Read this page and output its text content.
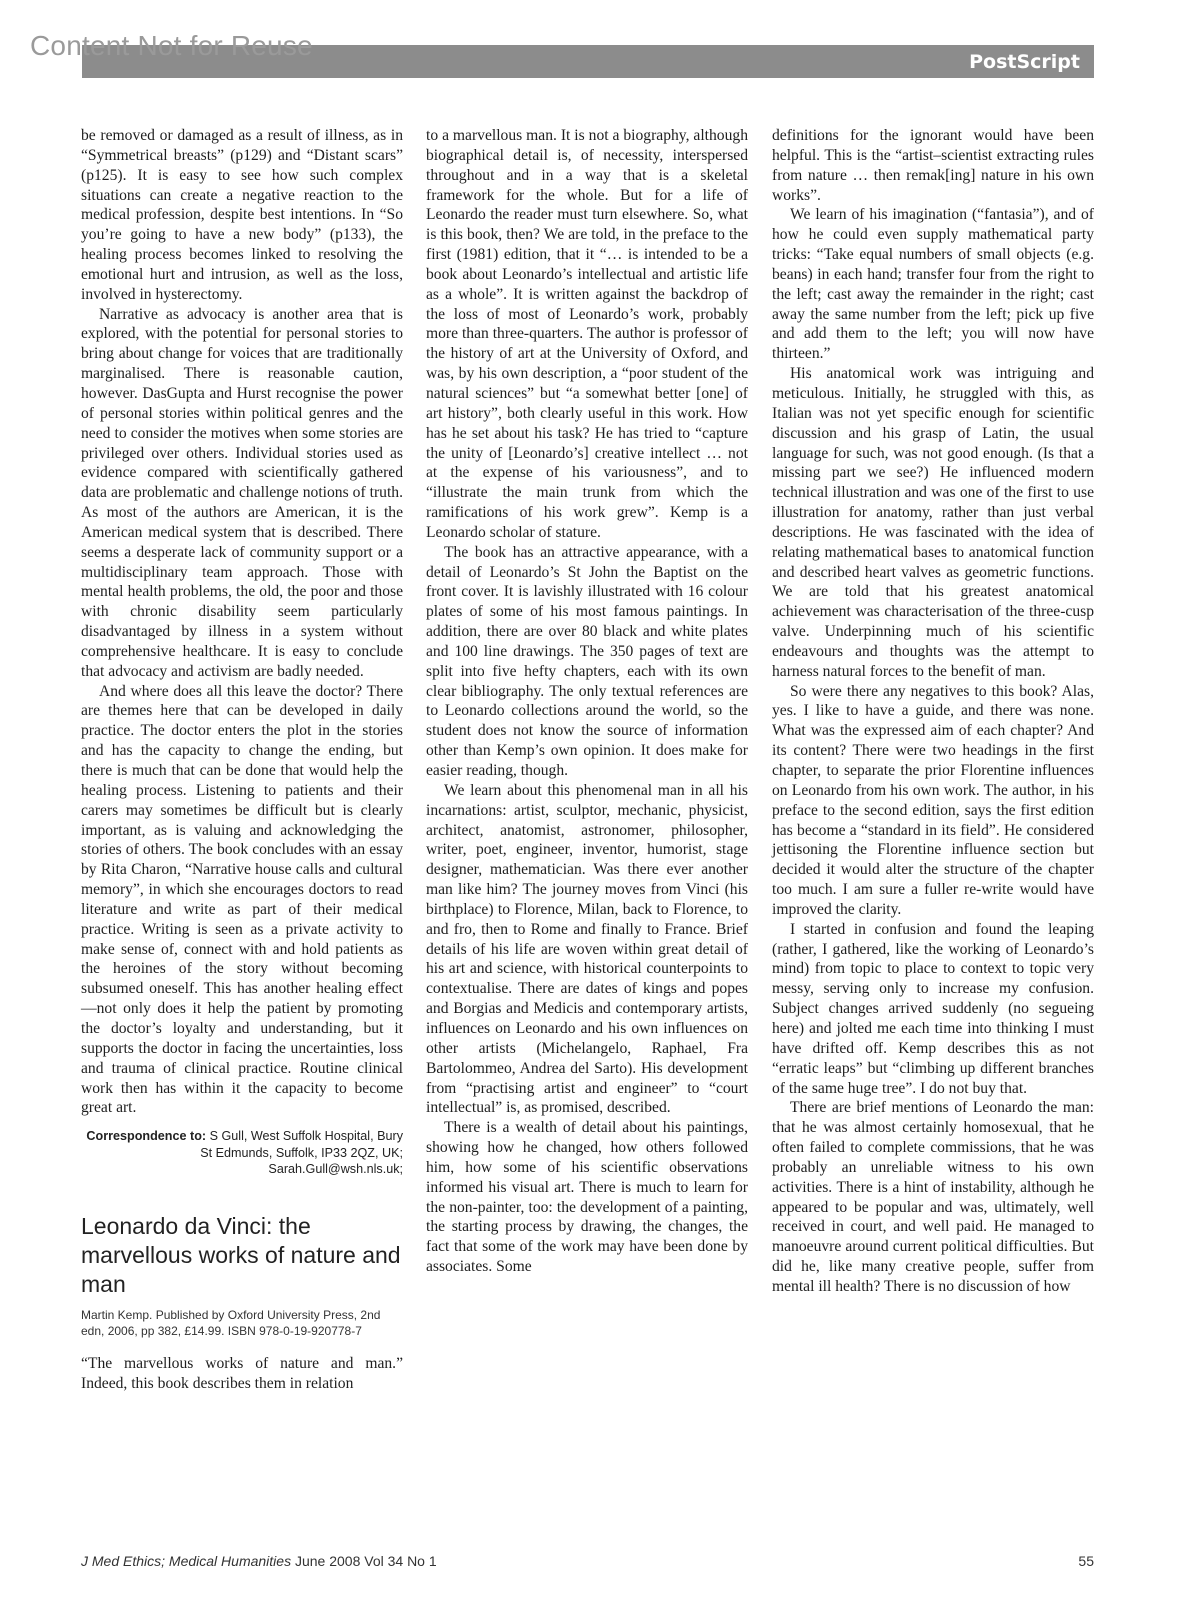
Content Not for Reuse
PostScript

be removed or damaged as a result of illness, as in “Symmetrical breasts” (p129) and “Distant scars” (p125). It is easy to see how such complex situations can create a negative reaction to the medical profession, despite best intentions. In “So you’re going to have a new body” (p133), the healing process becomes linked to resolving the emotional hurt and intrusion, as well as the loss, involved in hysterectomy.

Narrative as advocacy is another area that is explored, with the potential for personal stories to bring about change for voices that are traditionally marginalised. There is reasonable caution, however. DasGupta and Hurst recognise the power of personal stories within political genres and the need to consider the motives when some stories are privileged over others. Individual stories used as evidence compared with scientifically gathered data are problematic and challenge notions of truth. As most of the authors are American, it is the American medical system that is described. There seems a desperate lack of community support or a multidisciplinary team approach. Those with mental health problems, the old, the poor and those with chronic disability seem particularly disadvantaged by illness in a system without comprehensive healthcare. It is easy to conclude that advocacy and activism are badly needed.

And where does all this leave the doctor? There are themes here that can be developed in daily practice. The doctor enters the plot in the stories and has the capacity to change the ending, but there is much that can be done that would help the healing process. Listening to patients and their carers may sometimes be difficult but is clearly important, as is valuing and acknowledging the stories of others. The book concludes with an essay by Rita Charon, “Narrative house calls and cultural memory”, in which she encourages doctors to read literature and write as part of their medical practice. Writing is seen as a private activity to make sense of, connect with and hold patients as the heroines of the story without becoming subsumed oneself. This has another healing effect—not only does it help the patient by promoting the doctor’s loyalty and understanding, but it supports the doctor in facing the uncertainties, loss and trauma of clinical practice. Routine clinical work then has within it the capacity to become great art.

Correspondence to: S Gull, West Suffolk Hospital, Bury St Edmunds, Suffolk, IP33 2QZ, UK; Sarah.Gull@wsh.nls.uk;
Leonardo da Vinci: the marvellous works of nature and man
Martin Kemp. Published by Oxford University Press, 2nd edn, 2006, pp 382, £14.99. ISBN 978-0-19-920778-7

“The marvellous works of nature and man.” Indeed, this book describes them in relation

to a marvellous man. It is not a biography, although biographical detail is, of necessity, interspersed throughout and in a way that is a skeletal framework for the whole. But for a life of Leonardo the reader must turn elsewhere. So, what is this book, then? We are told, in the preface to the first (1981) edition, that it “… is intended to be a book about Leonardo’s intellectual and artistic life as a whole”. It is written against the backdrop of the loss of most of Leonardo’s work, probably more than three-quarters. The author is professor of the history of art at the University of Oxford, and was, by his own description, a “poor student of the natural sciences” but “a somewhat better [one] of art history”, both clearly useful in this work. How has he set about his task? He has tried to “capture the unity of [Leonardo’s] creative intellect … not at the expense of his variousness”, and to “illustrate the main trunk from which the ramifications of his work grew”. Kemp is a Leonardo scholar of stature.

The book has an attractive appearance, with a detail of Leonardo’s St John the Baptist on the front cover. It is lavishly illustrated with 16 colour plates of some of his most famous paintings. In addition, there are over 80 black and white plates and 100 line drawings. The 350 pages of text are split into five hefty chapters, each with its own clear bibliography. The only textual references are to Leonardo collections around the world, so the student does not know the source of information other than Kemp’s own opinion. It does make for easier reading, though.

We learn about this phenomenal man in all his incarnations: artist, sculptor, mechanic, physicist, architect, anatomist, astronomer, philosopher, writer, poet, engineer, inventor, humorist, stage designer, mathematician. Was there ever another man like him? The journey moves from Vinci (his birthplace) to Florence, Milan, back to Florence, to and fro, then to Rome and finally to France. Brief details of his life are woven within great detail of his art and science, with historical counterpoints to contextualise. There are dates of kings and popes and Borgias and Medicis and contemporary artists, influences on Leonardo and his own influences on other artists (Michelangelo, Raphael, Fra Bartolommeo, Andrea del Sarto). His development from “practising artist and engineer” to “court intellectual” is, as promised, described.

There is a wealth of detail about his paintings, showing how he changed, how others followed him, how some of his scientific observations informed his visual art. There is much to learn for the non-painter, too: the development of a painting, the starting process by drawing, the changes, the fact that some of the work may have been done by associates. Some

definitions for the ignorant would have been helpful. This is the “artist–scientist extracting rules from nature … then remak[ing] nature in his own works”.

We learn of his imagination (“fantasia”), and of how he could even supply mathematical party tricks: “Take equal numbers of small objects (e.g. beans) in each hand; transfer four from the right to the left; cast away the remainder in the right; cast away the same number from the left; pick up five and add them to the left; you will now have thirteen.”

His anatomical work was intriguing and meticulous. Initially, he struggled with this, as Italian was not yet specific enough for scientific discussion and his grasp of Latin, the usual language for such, was not good enough. (Is that a missing part we see?) He influenced modern technical illustration and was one of the first to use illustration for anatomy, rather than just verbal descriptions. He was fascinated with the idea of relating mathematical bases to anatomical function and described heart valves as geometric functions. We are told that his greatest anatomical achievement was characterisation of the three-cusp valve. Underpinning much of his scientific endeavours and thoughts was the attempt to harness natural forces to the benefit of man.

So were there any negatives to this book? Alas, yes. I like to have a guide, and there was none. What was the expressed aim of each chapter? And its content? There were two headings in the first chapter, to separate the prior Florentine influences on Leonardo from his own work. The author, in his preface to the second edition, says the first edition has become a “standard in its field”. He considered jettisoning the Florentine influence section but decided it would alter the structure of the chapter too much. I am sure a fuller re-write would have improved the clarity.

I started in confusion and found the leaping (rather, I gathered, like the working of Leonardo’s mind) from topic to place to context to topic very messy, serving only to increase my confusion. Subject changes arrived suddenly (no segueing here) and jolted me each time into thinking I must have drifted off. Kemp describes this as not “erratic leaps” but “climbing up different branches of the same huge tree”. I do not buy that.

There are brief mentions of Leonardo the man: that he was almost certainly homosexual, that he often failed to complete commissions, that he was probably an unreliable witness to his own activities. There is a hint of instability, although he appeared to be popular and was, ultimately, well received in court, and well paid. He managed to manoeuvre around current political difficulties. But did he, like many creative people, suffer from mental ill health? There is no discussion of how

J Med Ethics; Medical Humanities June 2008 Vol 34 No 1	55
